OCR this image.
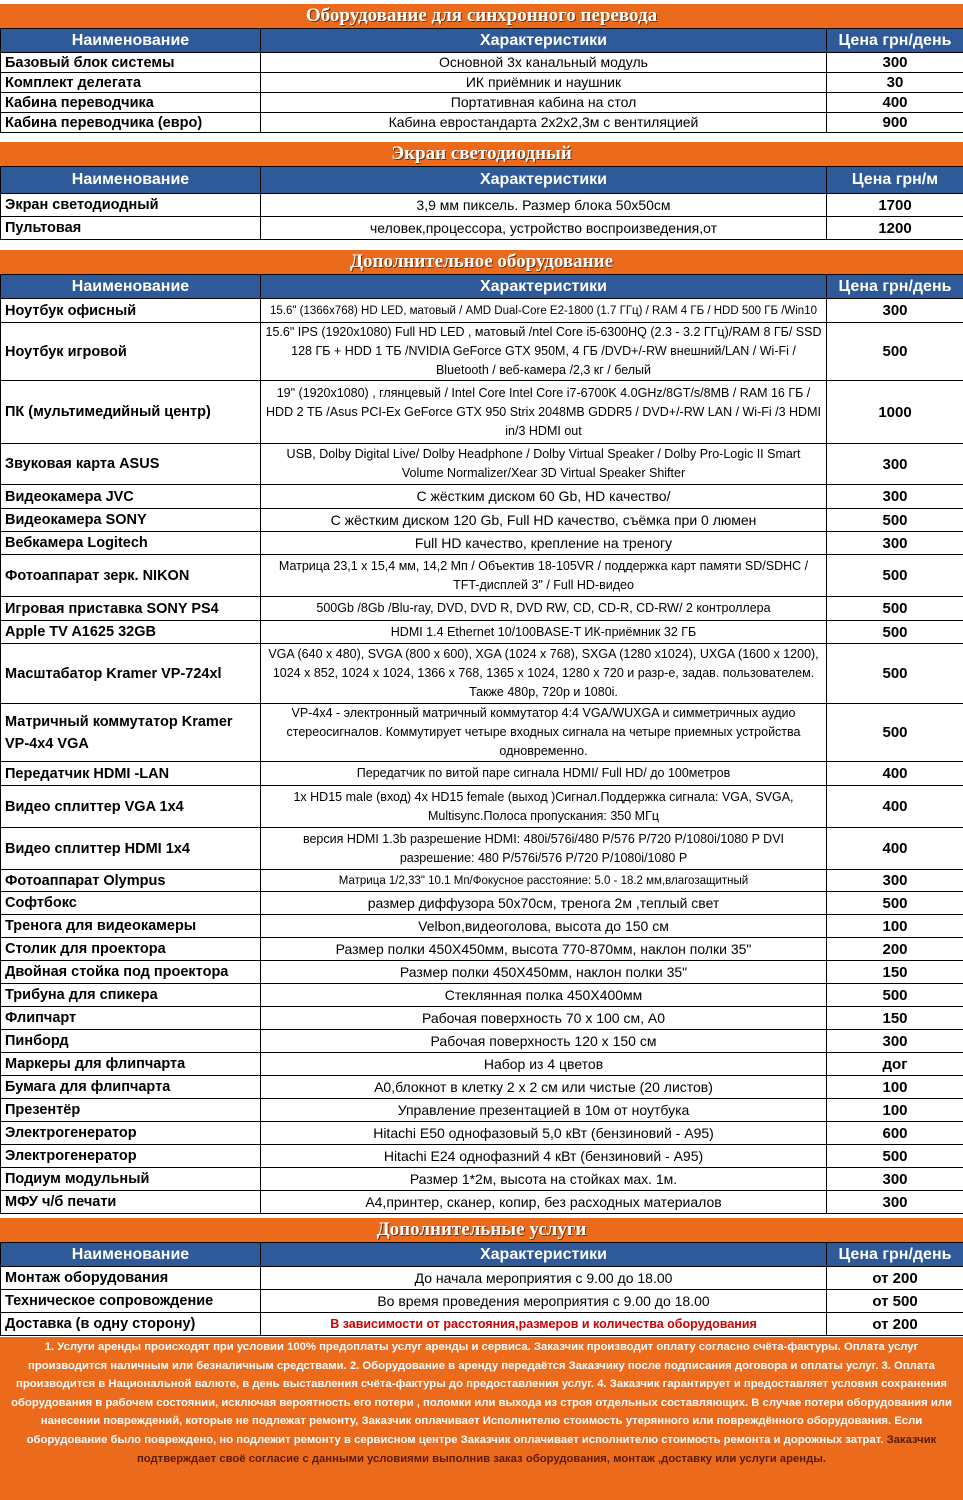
Оборудование для синхронного перевода
Наименование	Характеристики	Цена грн/день
Базовый блок системы	Основной 3х канальный модуль	300
Комплект делегата	ИК приёмник и наушник	30
Кабина переводчика	Портативная кабина на стол	400
Кабина переводчика (евро)	Кабина евростандарта 2х2х2,3м с вентиляцией	900
Экран светодиодный
Наименование	Характеристики	Цена грн/м
Экран светодиодный	3,9 мм пиксель. Размер блока 50х50см	1700
Пультовая	человек,процессора, устройство воспроизведения,от	1200
Дополнительное оборудование
Наименование	Характеристики	Цена грн/день
Ноутбук офисный	15.6" (1366x768) HD LED, матовый / AMD Dual-Core E2-1800 (1.7 ГГц) / RAM 4 ГБ / HDD 500 ГБ /Win10	300
Ноутбук игровой	15.6" IPS (1920x1080) Full HD LED , матовый /ntel Core i5-6300HQ (2.3 - 3.2 ГГц)/RAM 8 ГБ/ SSD 128 ГБ + HDD 1 ТБ /NVIDIA GeForce GTX 950M, 4 ГБ /DVD+/-RW внешний/LAN / Wi-Fi / Bluetooth / веб-камера /2,3 кг / белый	500
ПК (мультимедийный центр)	19" (1920x1080) , глянцевый / Intel Core Intel Core i7-6700K 4.0GHz/8GT/s/8MB / RAM 16 ГБ / HDD 2 ТБ /Asus PCI-Ex GeForce GTX 950 Strix 2048MB GDDR5 / DVD+/-RW LAN / Wi-Fi /3 HDMI in/3 HDMI out	1000
Звуковая карта ASUS	USB, Dolby Digital Live/ Dolby Headphone / Dolby Virtual Speaker / Dolby Pro-Logic II Smart Volume Normalizer/Xear 3D Virtual Speaker Shifter	300
Видеокамера JVC	С жёстким диском 60 Gb, HD качество/	300
Видеокамера SONY	С жёстким диском 120 Gb, Full HD качество, съёмка при 0 люмен	500
Вебкамера Logitech	Full HD качество, крепление на треногу	300
Фотоаппарат зерк. NIKON	Матрица 23,1 x 15,4 мм, 14,2 Мп / Объектив 18-105VR / поддержка карт памяти SD/SDHC / TFT-дисплей 3" / Full HD-видео	500
Игровая приставка SONY PS4	500Gb /8Gb /Blu-ray, DVD, DVD R, DVD RW, CD, CD-R, CD-RW/ 2 контроллера	500
Apple TV A1625 32GB	HDMI 1.4 Ethernet 10/100BASE-T ИК-приёмник 32 ГБ	500
Масштабатор Kramer VP-724xl	VGA (640 x 480), SVGA (800 x 600), XGA (1024 x 768), SXGA (1280 x1024), UXGA (1600 x 1200), 1024 x 852, 1024 x 1024, 1366 x 768, 1365 x 1024, 1280 x 720 и разр-е, задав. пользователем. Также 480p, 720p и 1080i.	500
Матричный коммутатор Kramer VP-4x4 VGA	VP-4x4 - электронный матричный коммутатор 4:4 VGA/WUXGA и симметричных аудио стереосигналов. Коммутирует четыре входных сигнала на четыре приемных устройства одновременно.	500
Передатчик HDMI -LAN	Передатчик по витой паре сигнала HDMI/ Full HD/ до 100метров	400
Видео сплиттер VGA 1x4	1x HD15 male (вход) 4x HD15 female (выход )Сигнал.Поддержка сигнала: VGA, SVGA, Multisync.Полоса пропускания: 350 МГц	400
Видео сплиттер HDMI 1x4	версия HDMI 1.3b разрешение HDMI: 480i/576i/480 P/576 P/720 P/1080i/1080 P DVI разрешение: 480 P/576i/576 P/720 P/1080i/1080 P	400
Фотоаппарат Olympus	Матрица 1/2,33" 10.1 Мп/Фокусное расстояние: 5.0 - 18.2 мм,влагозащитный	300
Софтбокс	размер диффузора 50х70см, тренога 2м ,теплый свет	500
Тренога для видеокамеры	Velbon,видеоголова, высота до 150 см	100
Столик для проектора	Размер полки 450Х450мм, высота 770-870мм, наклон полки 35"	200
Двойная стойка под проектора	Размер полки 450Х450мм, наклон полки 35"	150
Трибуна для спикера	Стеклянная полка 450Х400мм	500
Флипчарт	Рабочая поверхность 70 х 100 см, А0	150
Пинборд	Рабочая поверхность 120 х 150 см	300
Маркеры для флипчарта	Набор из 4 цветов	дог
Бумага для флипчарта	А0,блокнот в клетку 2 х 2 см или чистые (20 листов)	100
Презентёр	Управление презентацией в 10м от ноутбука	100
Электрогенератор	Hitachi E50 однофазовый 5,0 кВт (бензиновий - А95)	600
Электрогенератор	Hitachi E24 однофазний 4 кВт (бензиновий - А95)	500
Подиум модульный	Размер 1*2м, высота на стойках мах. 1м.	300
МФУ ч/б печати	А4,принтер, сканер, копир, без расходных материалов	300
Дополнительные услуги
Наименование	Характеристики	Цена грн/день
Монтаж оборудования	До начала мероприятия с 9.00 до 18.00	от 200
Техническое сопровождение	Во время проведения мероприятия с 9.00 до 18.00	от 500
Доставка (в одну сторону)	В зависимости от расстояния,размеров и количества оборудования	от 200
1. Услуги аренды происходят при условии 100% предоплаты услуг аренды и сервиса. Заказчик производит оплату согласно счёта-фактуры. Оплата услуг производится наличным или безналичным средствами. 2. Оборудование в аренду передаётся Заказчику после подписания договора и оплаты услуг. 3. Оплата производится в Национальной валюте, в день выставления счёта-фактуры до предоставления услуг. 4. Заказчик гарантирует и предоставляет условия сохранения оборудования в рабочем состоянии, исключая вероятность его потери , поломки или выхода из строя отдельных составляющих. В случае потери оборудования или нанесении повреждений, которые не подлежат ремонту, Заказчик оплачивает Исполнителю стоимость утерянного или повреждённого оборудования. Если оборудование было повреждено, но подлежит ремонту в сервисном центре Заказчик оплачивает исполнителю стоимость ремонта и дорожных затрат. Заказчик подтверждает своё согласие с данными условиями выполнив заказ оборудования, монтаж ,доставку или услуги аренды.
